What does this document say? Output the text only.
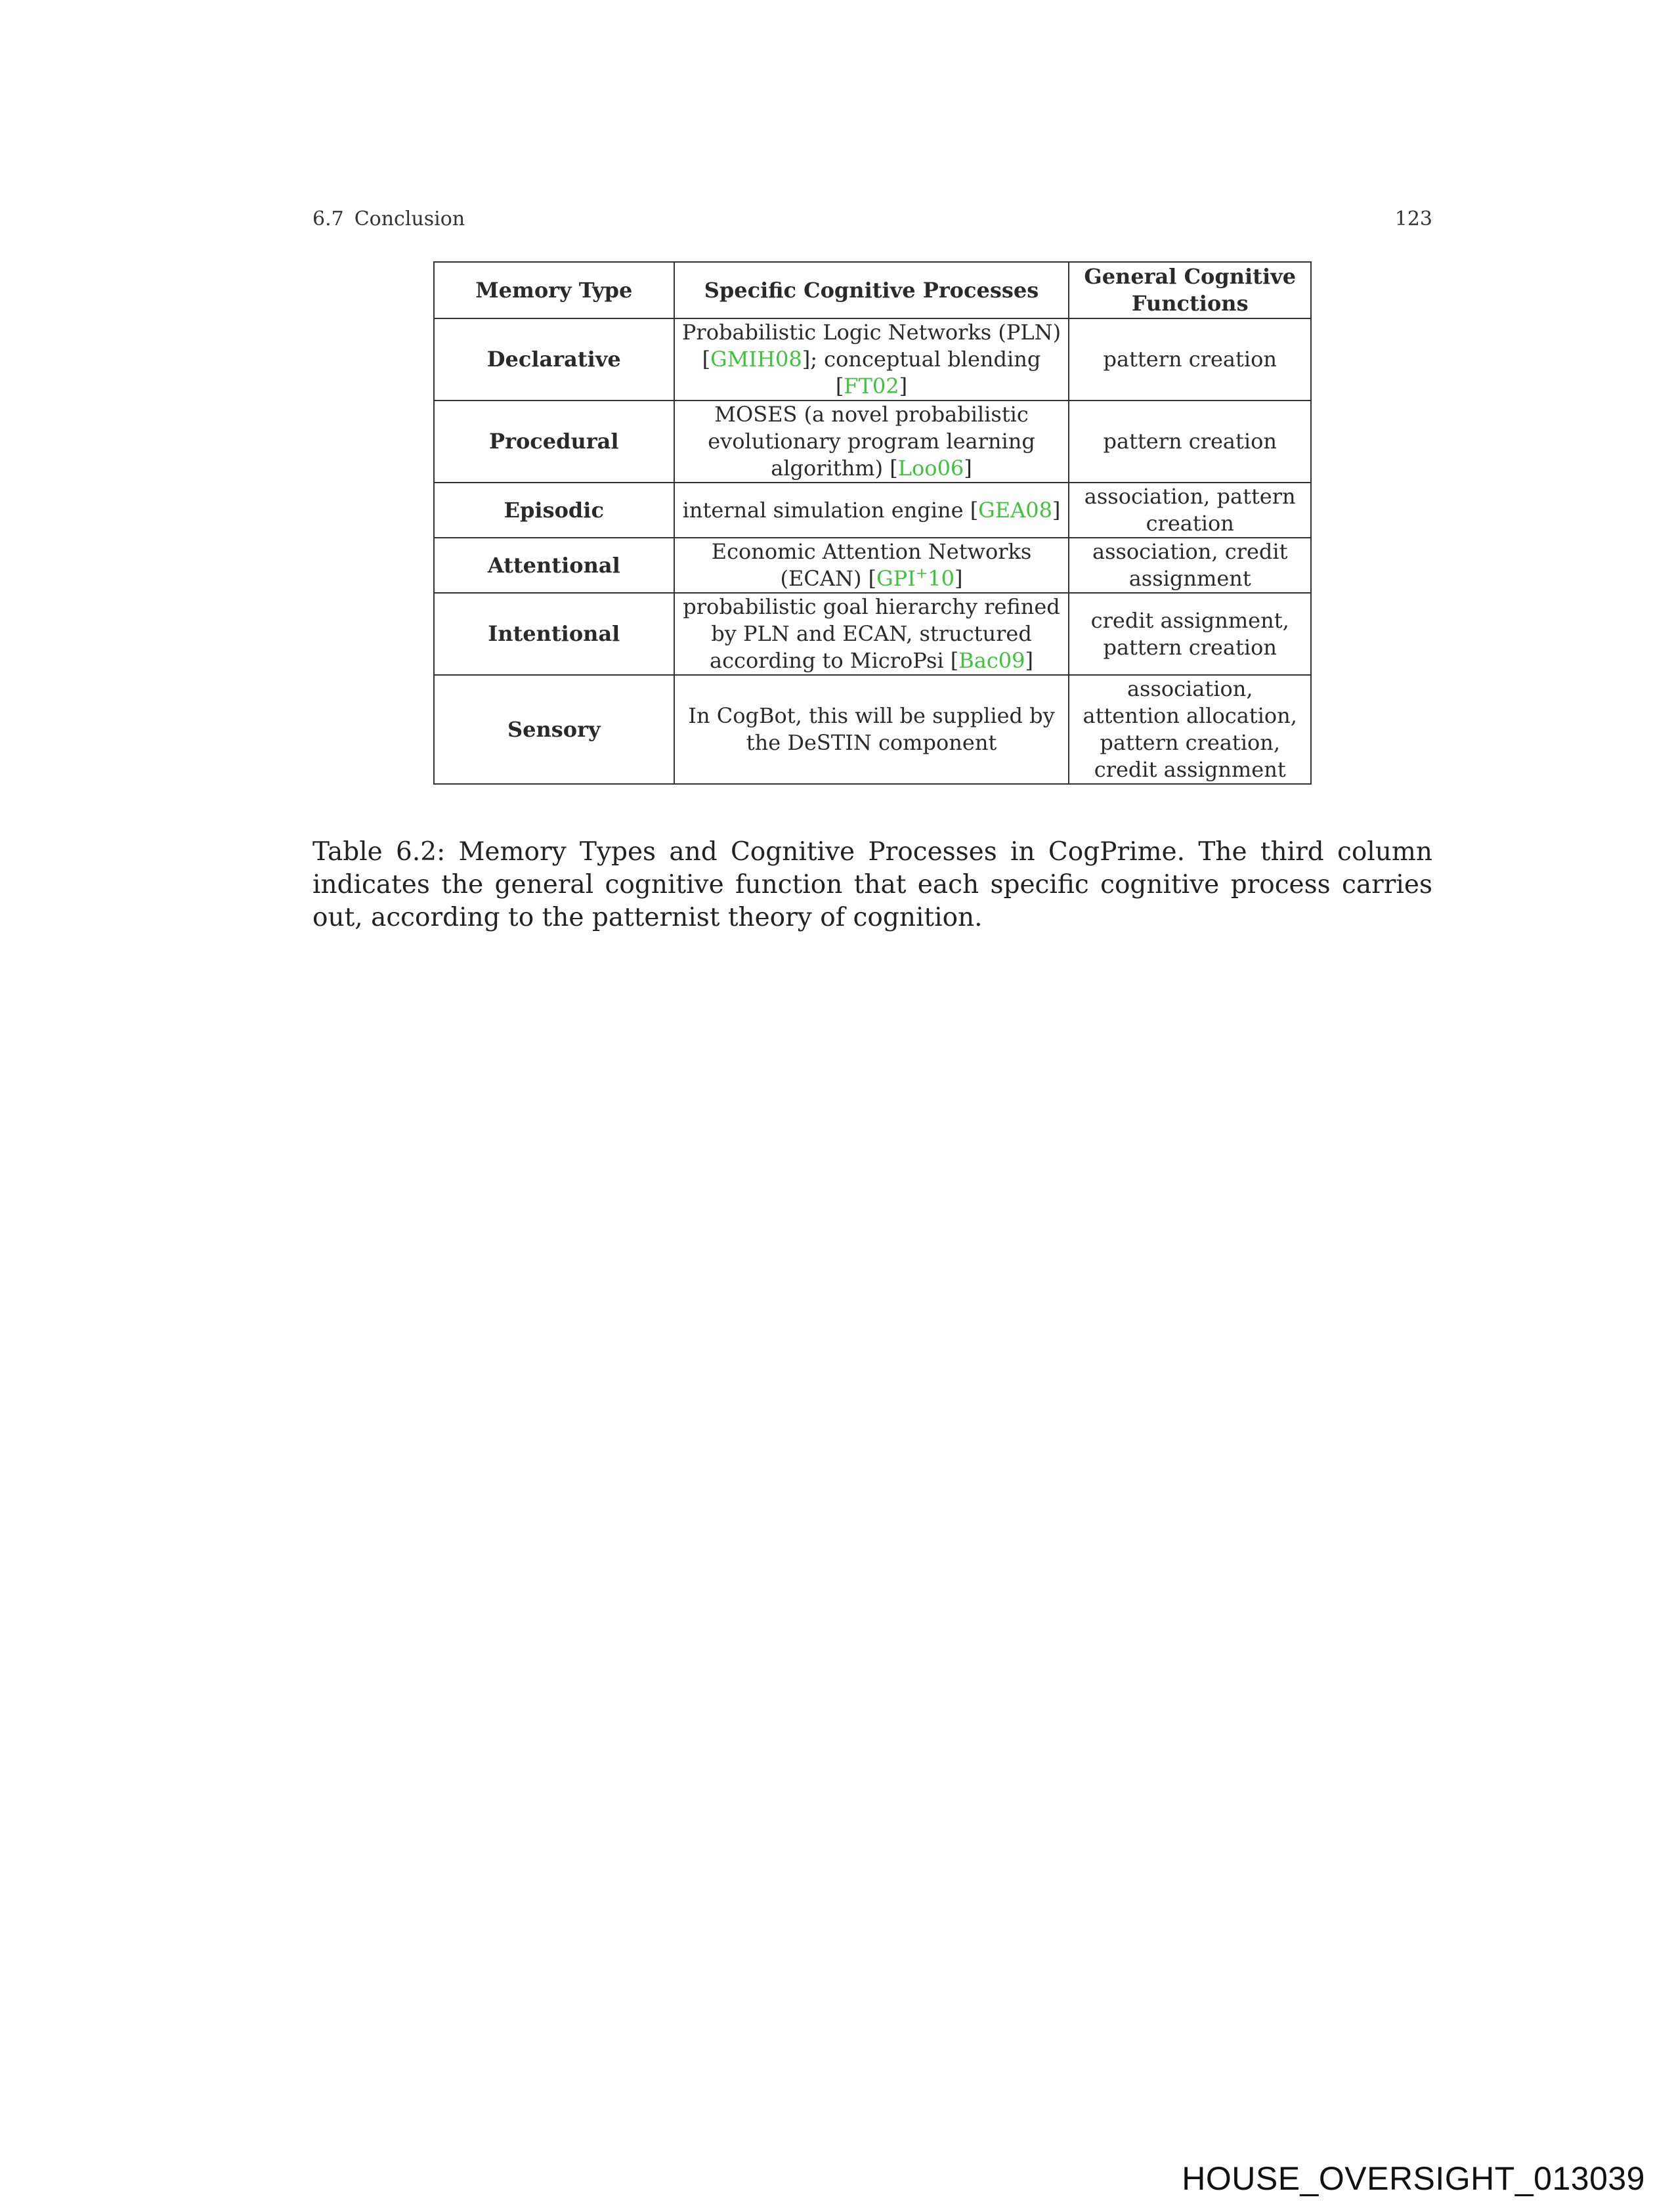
6.7 Conclusion	123
Memory Type	Specific Cognitive Processes	General Cognitive Functions
Declarative	Probabilistic Logic Networks (PLN) [GMIH08]; conceptual blending [FT02]	pattern creation
Procedural	MOSES (a novel probabilistic evolutionary program learning algorithm) [Loo06]	pattern creation
Episodic	internal simulation engine [GEA08]	association, pattern creation
Attentional	Economic Attention Networks (ECAN) [GPI+10]	association, credit assignment
Intentional	probabilistic goal hierarchy refined by PLN and ECAN, structured according to MicroPsi [Bac09]	credit assignment, pattern creation
Sensory	In CogBot, this will be supplied by the DeSTIN component	association, attention allocation, pattern creation, credit assignment

Table 6.2: Memory Types and Cognitive Processes in CogPrime. The third column indicates the general cognitive function that each specific cognitive process carries out, according to the patternist theory of cognition.

HOUSE_OVERSIGHT_013039
